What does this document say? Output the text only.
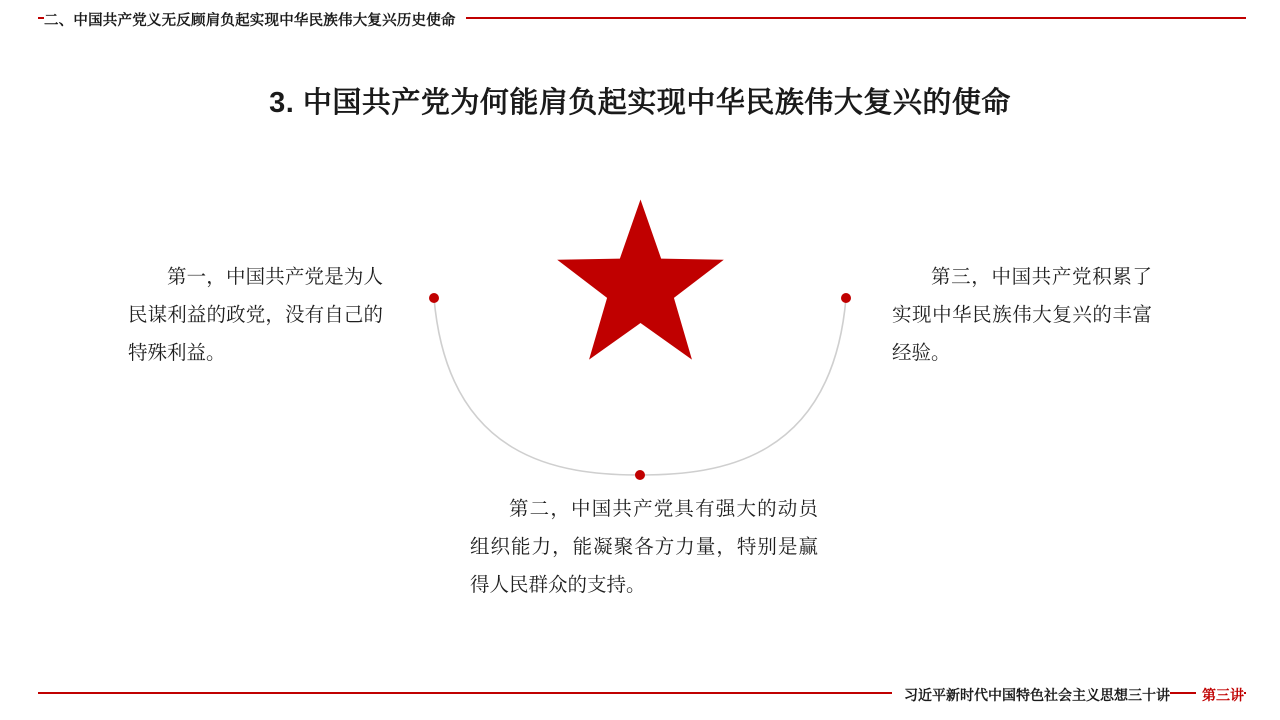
二、中国共产党义无反顾肩负起实现中华民族伟大复兴历史使命
3. 中国共产党为何能肩负起实现中华民族伟大复兴的使命
第一，中国共产党是为人民谋利益的政党，没有自己的特殊利益。
第三，中国共产党积累了实现中华民族伟大复兴的丰富经验。
第二，中国共产党具有强大的动员组织能力，能凝聚各方力量，特别是赢得人民群众的支持。
习近平新时代中国特色社会主义思想三十讲	第三讲
